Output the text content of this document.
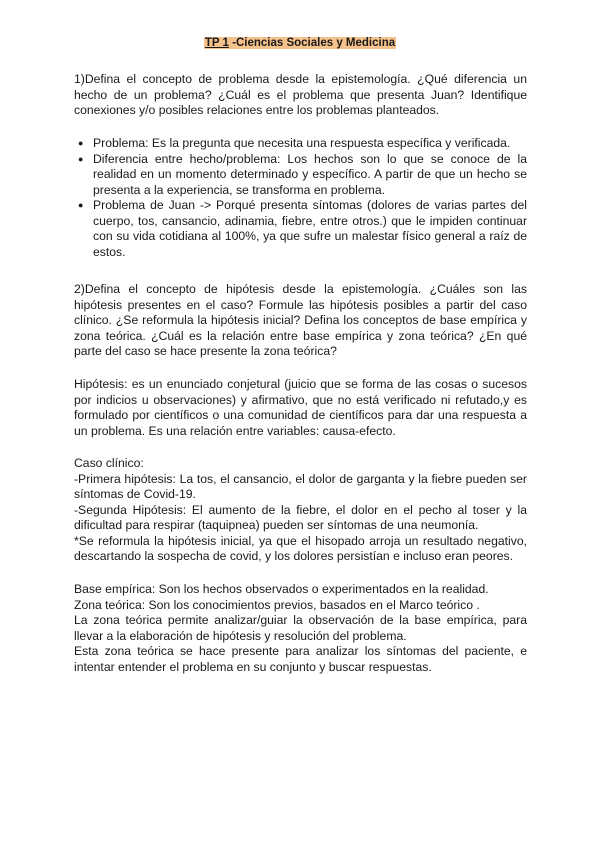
TP 1 -Ciencias Sociales y Medicina

1)Defina el concepto de problema desde la epistemología. ¿Qué diferencia un hecho de un problema? ¿Cuál es el problema que presenta Juan? Identifique conexiones y/o posibles relaciones entre los problemas planteados.

● Problema: Es la pregunta que necesita una respuesta específica y verificada.
● Diferencia entre hecho/problema: Los hechos son lo que se conoce de la realidad en un momento determinado y específico. A partir de que un hecho se presenta a la experiencia, se transforma en problema.
● Problema de Juan -> Porqué presenta síntomas (dolores de varias partes del cuerpo, tos, cansancio, adinamia, fiebre, entre otros.) que le impiden continuar con su vida cotidiana al 100%, ya que sufre un malestar físico general a raíz de estos.

2)Defina el concepto de hipótesis desde la epistemología. ¿Cuáles son las hipótesis presentes en el caso? Formule las hipótesis posibles a partir del caso clínico. ¿Se reformula la hipótesis inicial? Defina los conceptos de base empírica y zona teórica. ¿Cuál es la relación entre base empírica y zona teórica? ¿En qué parte del caso se hace presente la zona teórica?

Hipótesis: es un enunciado conjetural (juicio que se forma de las cosas o sucesos por indicios u observaciones) y afirmativo, que no está verificado ni refutado,y es formulado por científicos o una comunidad de científicos para dar una respuesta a un problema. Es una relación entre variables: causa-efecto.

Caso clínico:

-Primera hipótesis: La tos, el cansancio, el dolor de garganta y la fiebre pueden ser síntomas de Covid-19.

-Segunda Hipótesis: El aumento de la fiebre, el dolor en el pecho al toser y la dificultad para respirar (taquipnea) pueden ser síntomas de una neumonía.

*Se reformula la hipótesis inicial, ya que el hisopado arroja un resultado negativo, descartando la sospecha de covid, y los dolores persistían e incluso eran peores.

Base empírica: Son los hechos observados o experimentados en la realidad.

Zona teórica: Son los conocimientos previos, basados en el Marco teórico .

La zona teórica permite analizar/guiar la observación de la base empírica, para llevar a la elaboración de hipótesis y resolución del problema.

Esta zona teórica se hace presente para analizar los síntomas del paciente, e intentar entender el problema en su conjunto y buscar respuestas.
